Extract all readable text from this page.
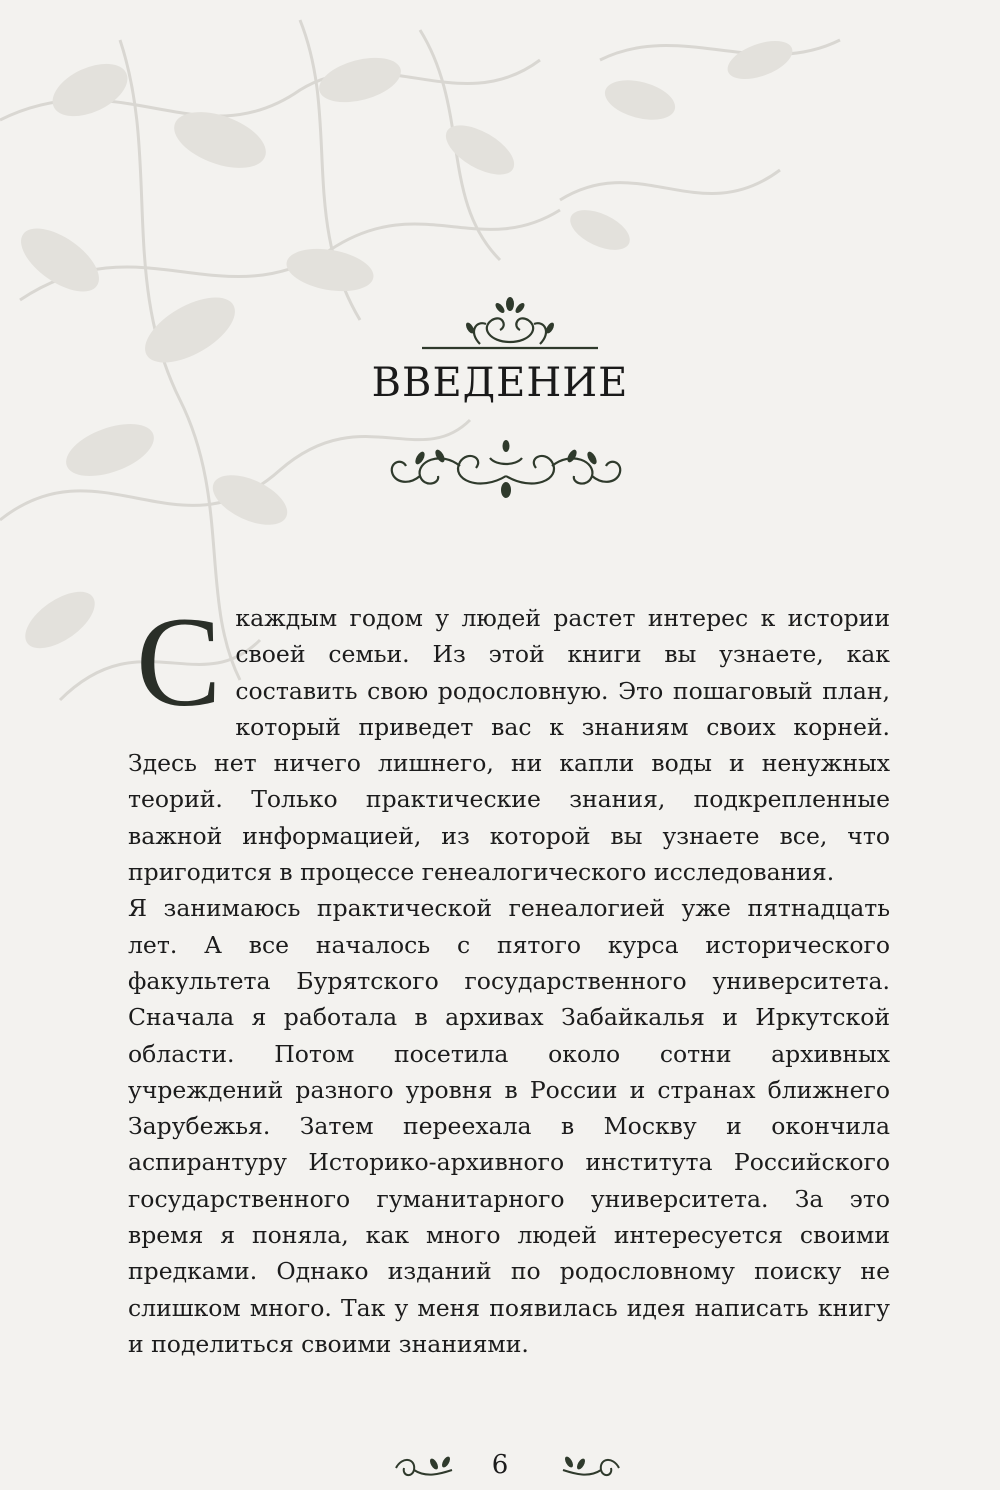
ВВЕДЕНИЕ

Скаждым годом у людей растет интерес к истории своей семьи. Из этой книги вы узнаете, как составить свою родословную. Это пошаговый план, который приведет вас к знаниям своих корней. Здесь нет ничего лишнего, ни капли воды и ненужных теорий. Только практические знания, подкрепленные важной информацией, из которой вы узнаете все, что пригодится в процессе генеалогического исследования.

Я занимаюсь практической генеалогией уже пятнадцать лет. А все началось с пятого курса исторического факультета Бурятского государственного университета. Сначала я работала в архивах Забайкалья и Иркутской области. Потом посетила около сотни архивных учреждений разного уровня в России и странах ближнего Зарубежья. Затем переехала в Москву и окончила аспирантуру Историко-архивного института Российского государственного гуманитарного университета. За это время я поняла, как много людей интересуется своими предками. Однако изданий по родословному поиску не слишком много. Так у меня появилась идея написать книгу и поделиться своими знаниями.

6
